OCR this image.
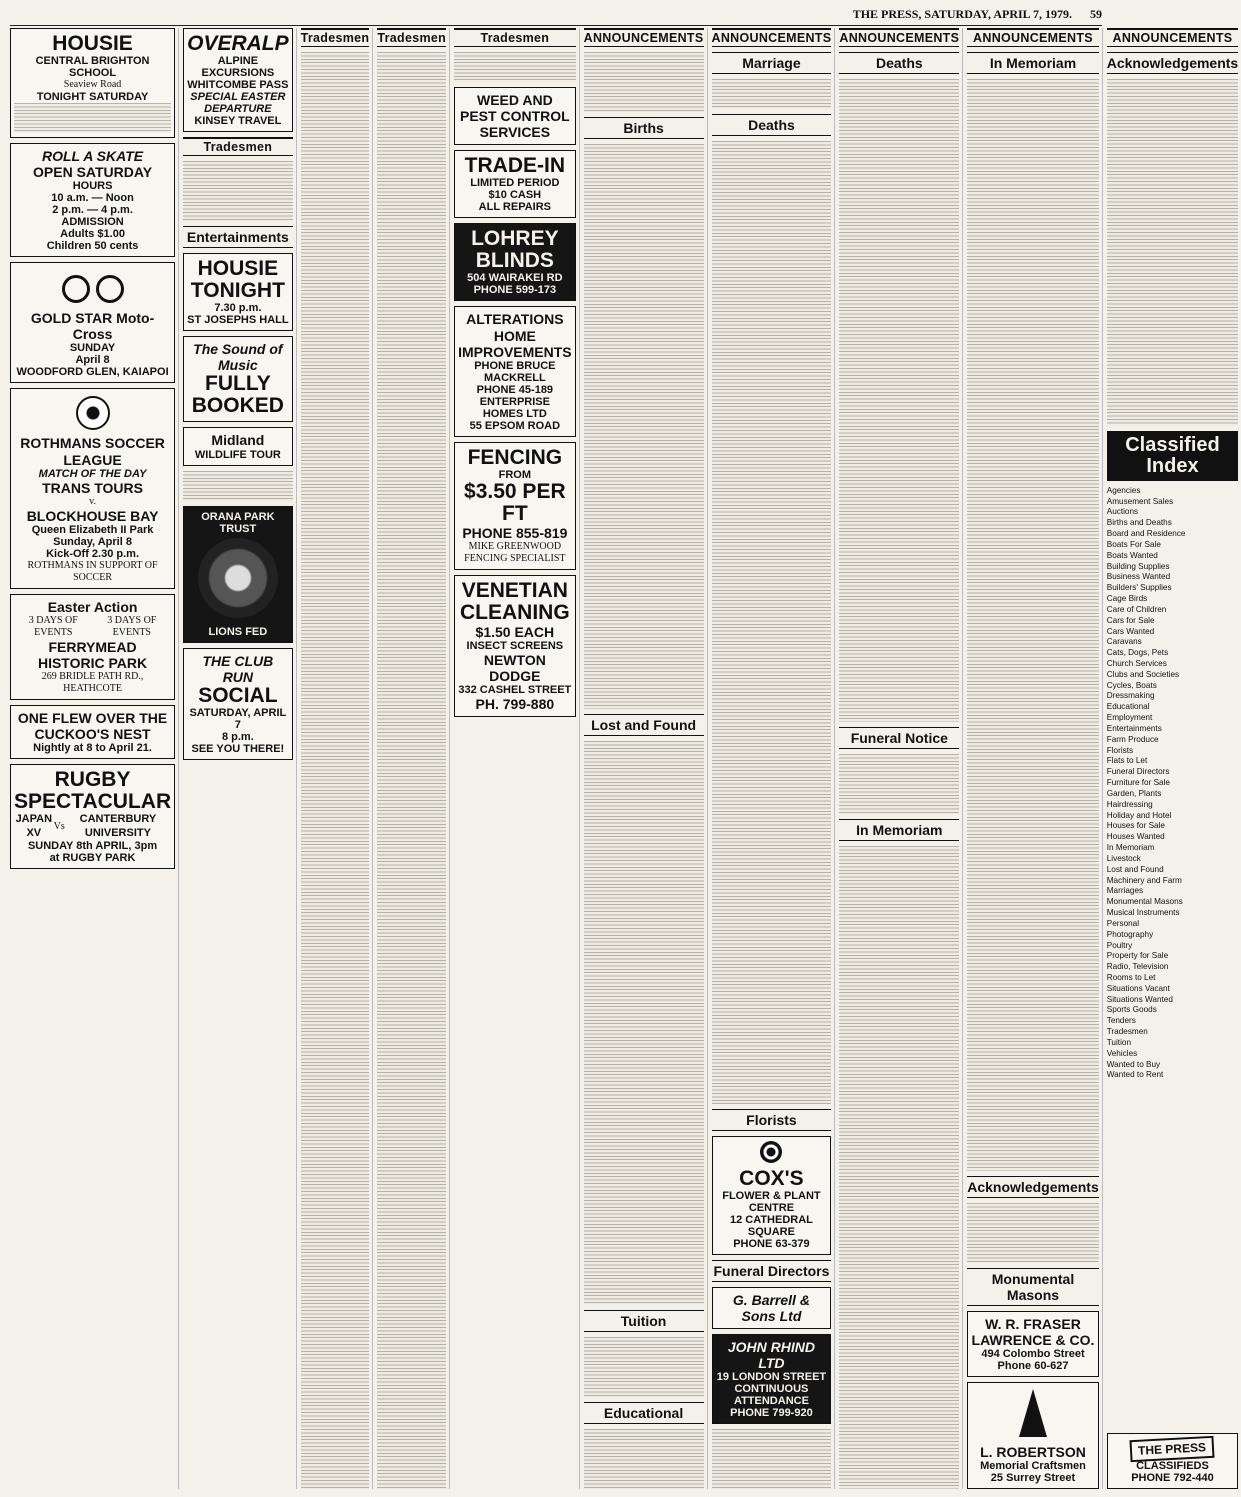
THE PRESS, SATURDAY, APRIL 7, 1979. 59
HOUSIE
CENTRAL BRIGHTON SCHOOL
Seaview Road
TONIGHT SATURDAY
ROLL A SKATE
OPEN SATURDAY
HOURS
10 a.m. — Noon
2 p.m. — 4 p.m.
ADMISSION
Adults $1.00
Children 50 cents
GOLD STAR Moto-Cross
SUNDAY
April 8
WOODFORD GLEN, KAIAPOI
ROTHMANS SOCCER LEAGUE
MATCH OF THE DAY
TRANS TOURS
v.
BLOCKHOUSE BAY
Queen Elizabeth II Park
Sunday, April 8
Kick-Off 2.30 p.m.
ROTHMANS IN SUPPORT OF SOCCER
Easter Action
3 DAYS OF EVENTS
3 DAYS OF EVENTS
FERRYMEAD HISTORIC PARK
269 BRIDLE PATH RD., HEATHCOTE
ONE FLEW OVER THE CUCKOO'S NEST
Nightly at 8 to April 21.
RUGBY SPECTACULAR
JAPAN XV
Vs
CANTERBURY UNIVERSITY
SUNDAY 8th APRIL, 3pm
at RUGBY PARK
OVERALP
ALPINE EXCURSIONS
WHITCOMBE PASS
SPECIAL EASTER DEPARTURE
KINSEY TRAVEL
Tradesmen
Entertainments
HOUSIE TONIGHT
7.30 p.m.
ST JOSEPHS HALL
The Sound of Music
FULLY BOOKED
Midland
WILDLIFE TOUR
ORANA PARK TRUST
LIONS FED
THE CLUB RUN
SOCIAL
SATURDAY, APRIL 7
8 p.m.
SEE YOU THERE!
Tradesmen Tradesmen	Tradesmen
WEED AND PEST CONTROL SERVICES
TRADE-IN
LIMITED PERIOD
$10 CASH
ALL REPAIRS
LOHREY BLINDS
504 WAIRAKEI RD
PHONE 599-173
ALTERATIONS HOME IMPROVEMENTS
PHONE BRUCE MACKRELL
PHONE 45-189
ENTERPRISE HOMES LTD
55 EPSOM ROAD
FENCING
FROM
$3.50 PER FT
PHONE 855-819
MIKE GREENWOOD FENCING SPECIALIST
VENETIAN CLEANING
$1.50 EACH
INSECT SCREENS
NEWTON DODGE
332 CASHEL STREET
PH. 799-880
ANNOUNCEMENTS
Births
Lost and Found
Tuition
Educational
ANNOUNCEMENTS
Marriage
Deaths
Florists
COX'S
FLOWER & PLANT CENTRE
12 CATHEDRAL SQUARE
PHONE 63-379
Funeral Directors
G. Barrell & Sons Ltd
JOHN RHIND LTD
19 LONDON STREET
CONTINUOUS ATTENDANCE
PHONE 799-920
ANNOUNCEMENTS
Deaths
Funeral Notice
In Memoriam
ANNOUNCEMENTS
In Memoriam
Acknowledgements
Monumental Masons
W. R. FRASER
LAWRENCE & CO.
494 Colombo Street
Phone 60-627
L. ROBERTSON
Memorial Craftsmen
25 Surrey Street
ANNOUNCEMENTS
Acknowledgements
Classified Index
Agencies
Amusement Sales
Auctions
Births and Deaths
Board and Residence
Boats For Sale
Boats Wanted
Building Supplies
Business Wanted
Builders' Supplies
Cage Birds
Care of Children
Cars for Sale
Cars Wanted
Caravans
Cats, Dogs, Pets
Church Services
Clubs and Societies
Cycles, Boats
Dressmaking
Educational
Employment
Entertainments
Farm Produce
Florists
Flats to Let
Funeral Directors
Furniture for Sale
Garden, Plants
Hairdressing
Holiday and Hotel
Houses for Sale
Houses Wanted
In Memoriam
Livestock
Lost and Found
Machinery and Farm
Marriages
Monumental Masons
Musical Instruments
Personal
Photography
Poultry
Property for Sale
Radio, Television
Rooms to Let
Situations Vacant
Situations Wanted
Sports Goods
Tenders
Tradesmen
Tuition
Vehicles
Wanted to Buy
Wanted to Rent
THE PRESS
CLASSIFIEDS
PHONE 792-440
